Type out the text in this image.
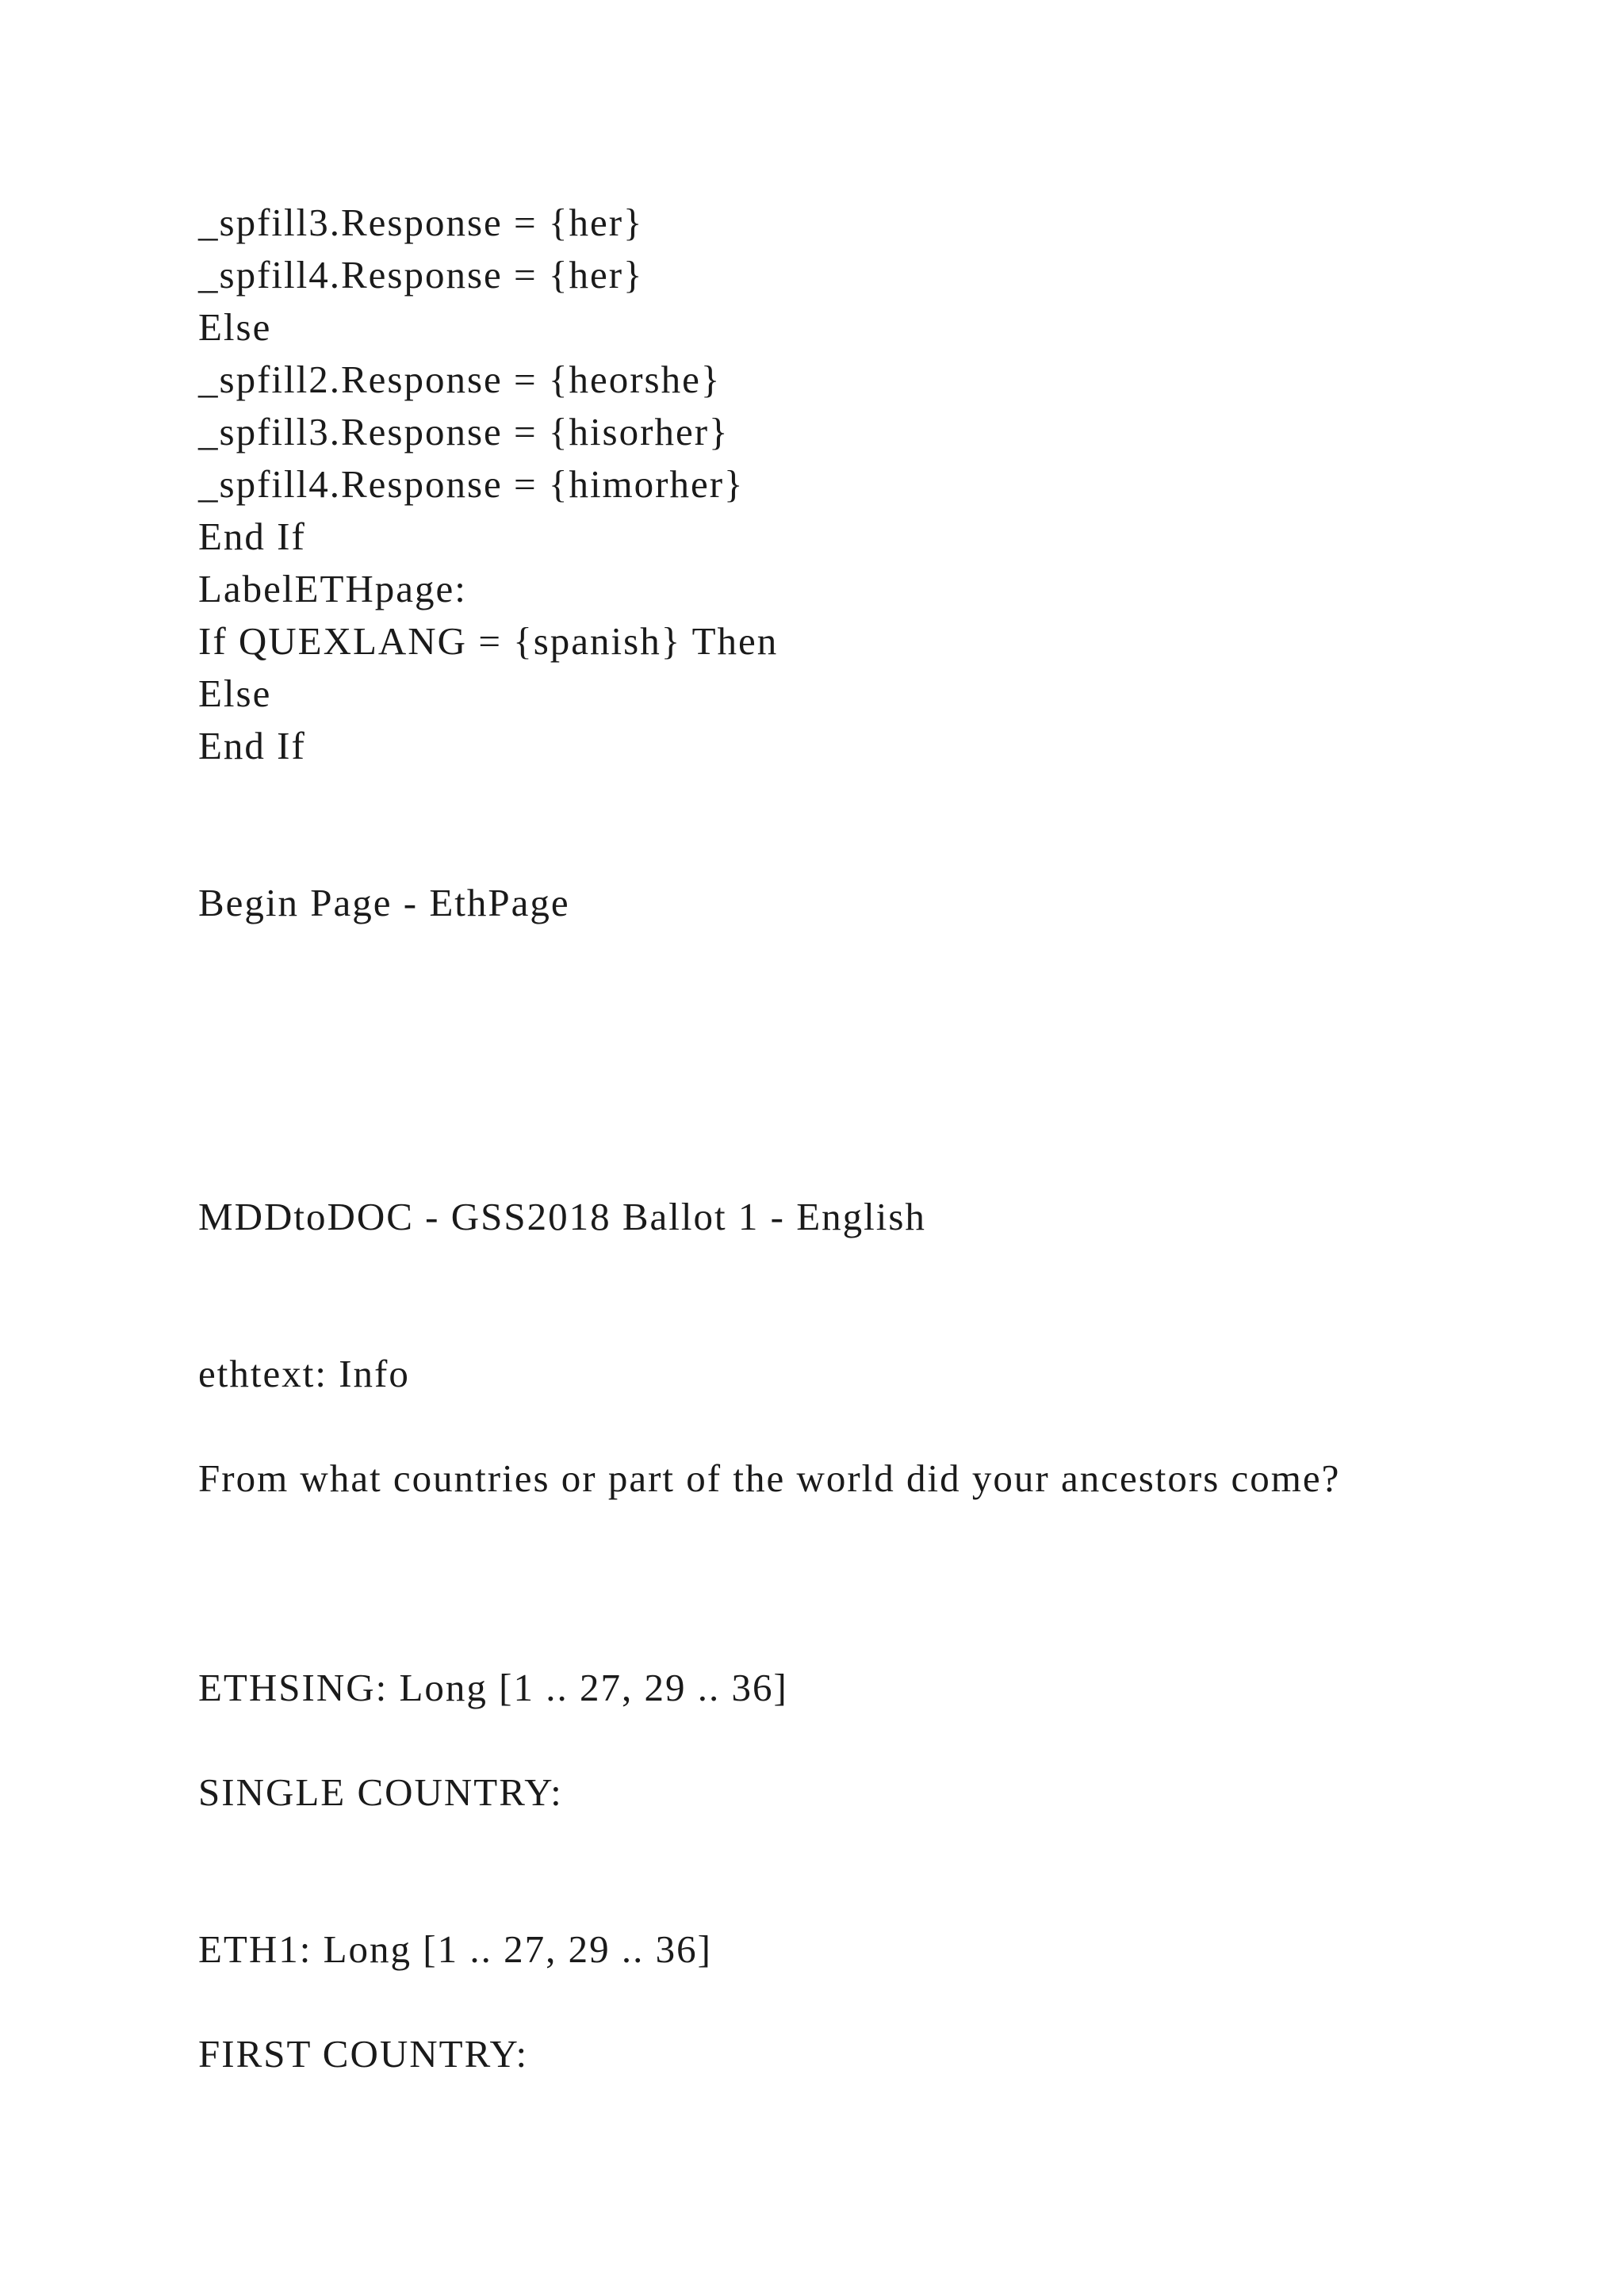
_spfill3.Response = {her}

_spfill4.Response = {her}

Else

_spfill2.Response = {heorshe}

_spfill3.Response = {hisorher}

_spfill4.Response = {himorher}

End If

LabelETHpage:

If QUEXLANG = {spanish} Then

Else

End If

Begin Page - EthPage

MDDtoDOC - GSS2018 Ballot 1 - English

ethtext: Info

From what countries or part of the world did your ancestors come?

ETHSING: Long [1 .. 27, 29 .. 36]

SINGLE COUNTRY:

ETH1: Long [1 .. 27, 29 .. 36]

FIRST COUNTRY:
